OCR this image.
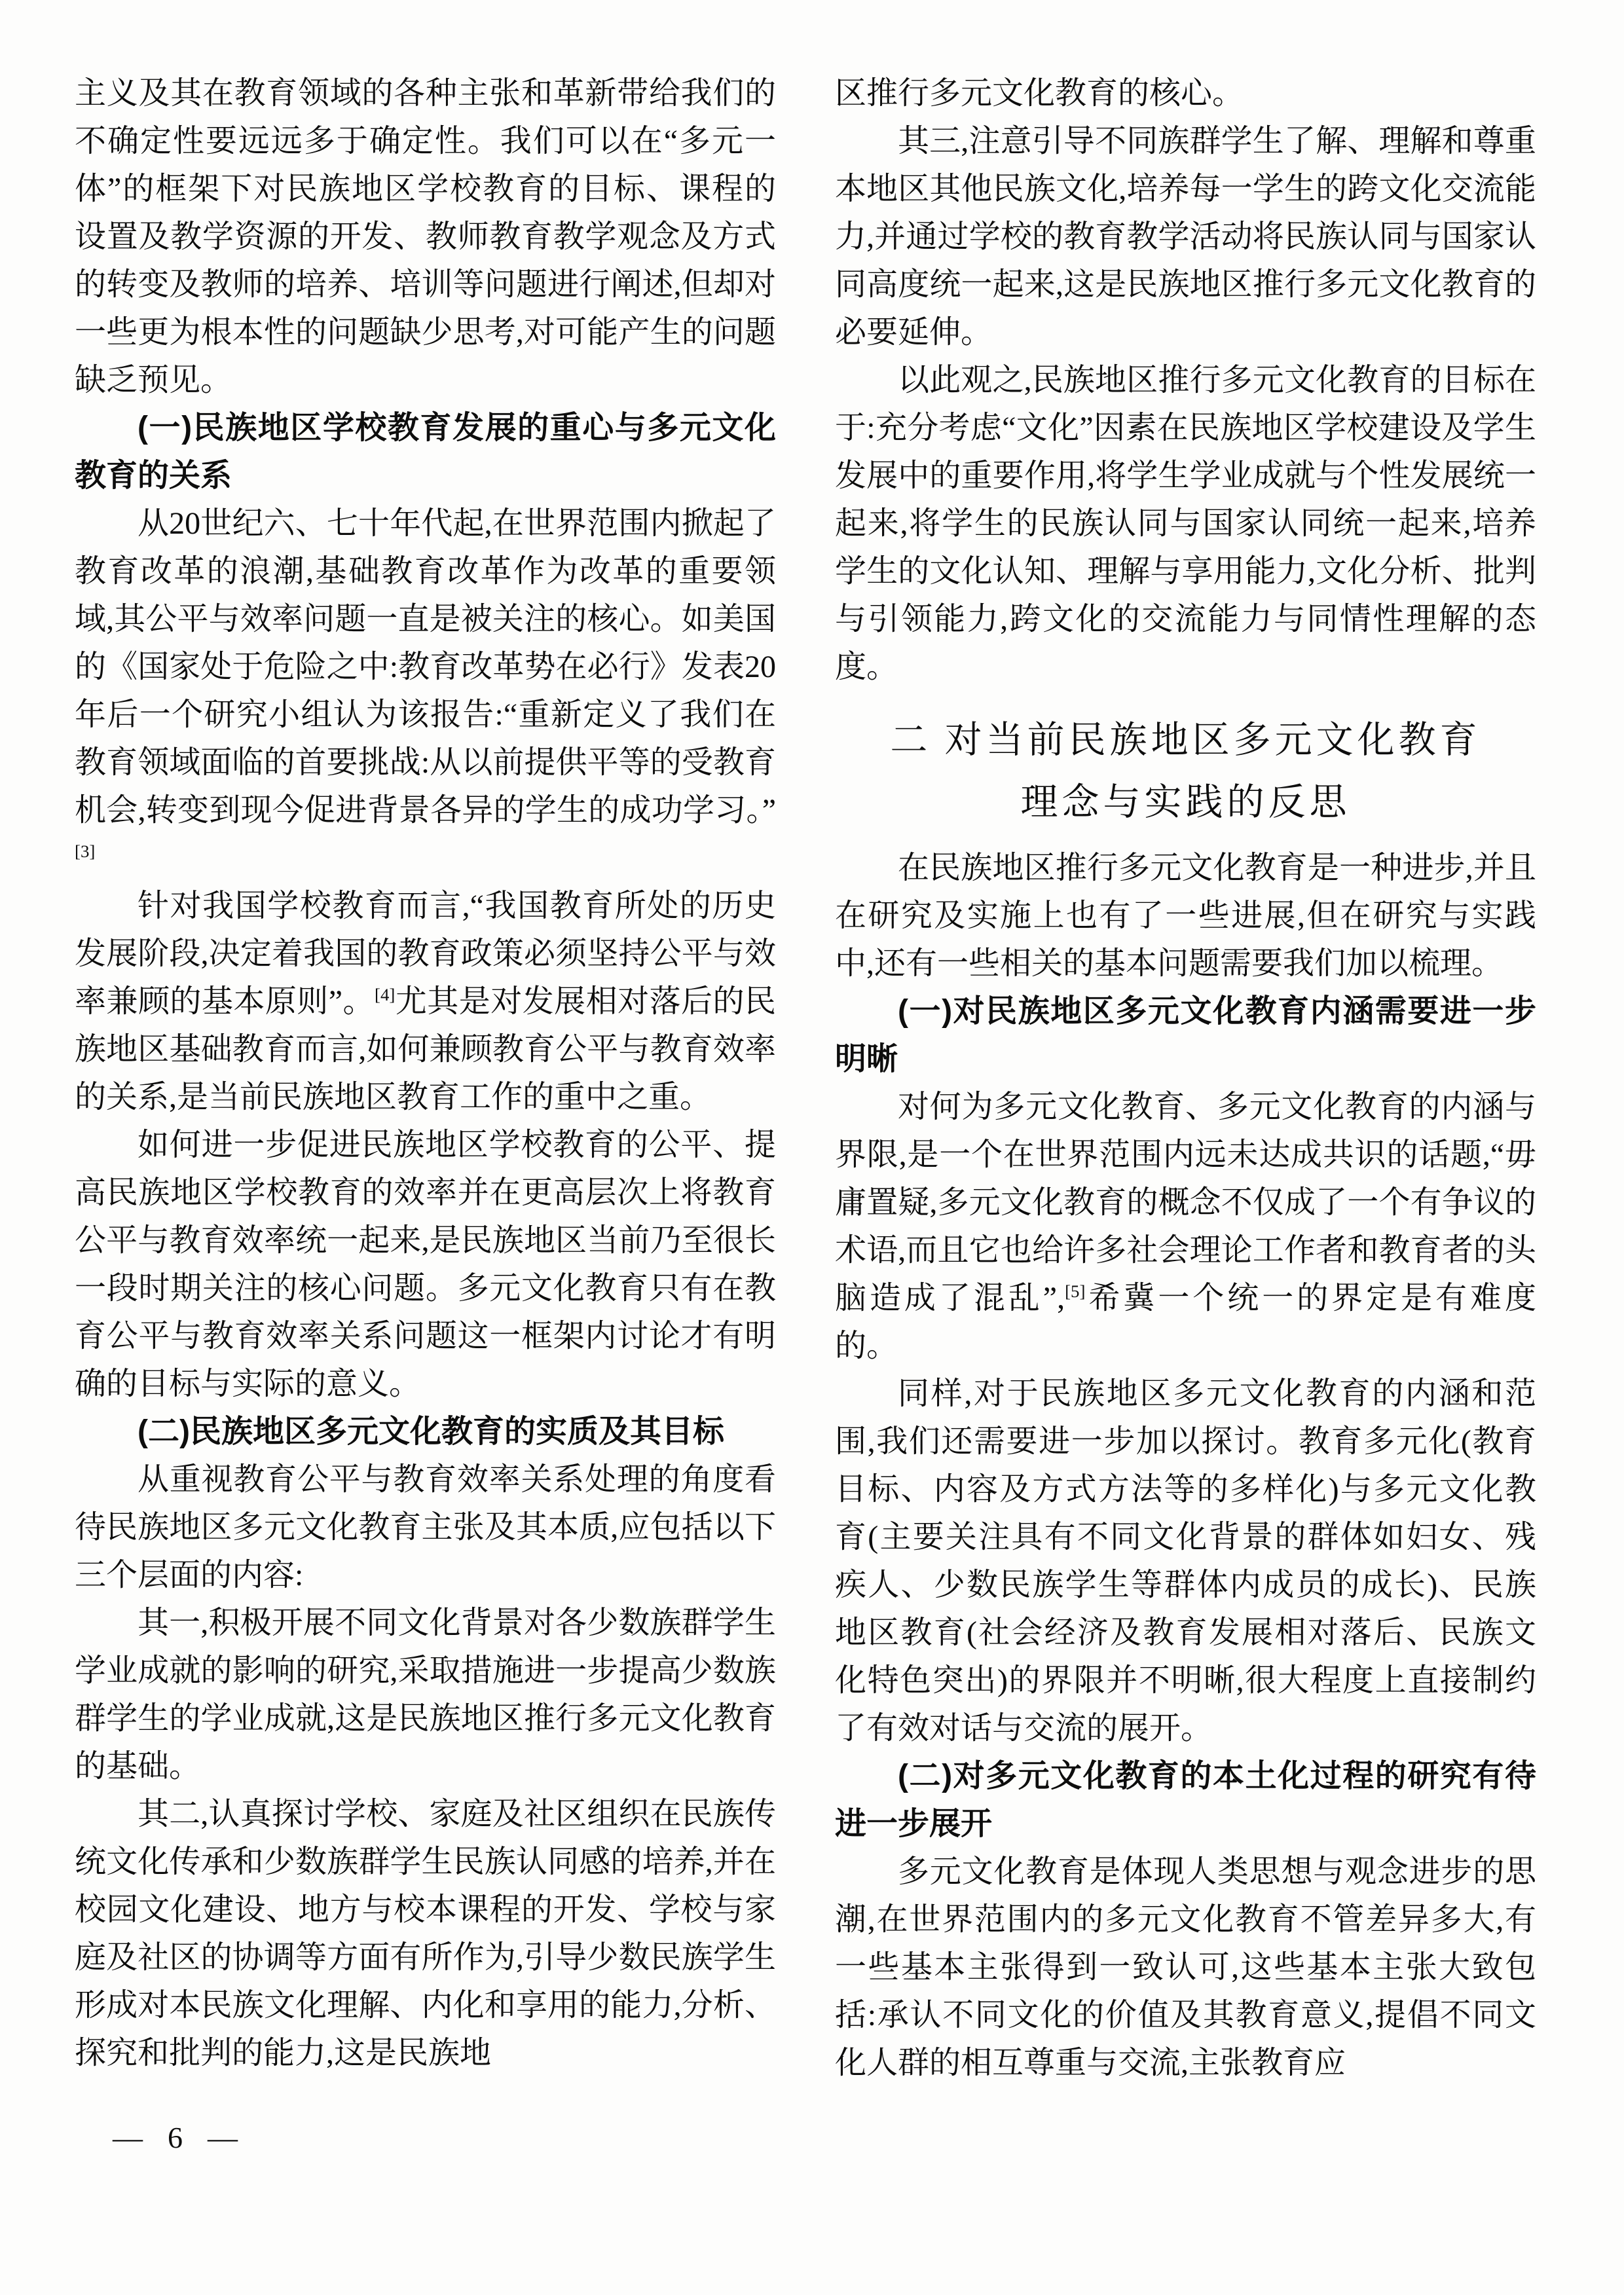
主义及其在教育领域的各种主张和革新带给我们的不确定性要远远多于确定性。我们可以在“多元一体”的框架下对民族地区学校教育的目标、课程的设置及教学资源的开发、教师教育教学观念及方式的转变及教师的培养、培训等问题进行阐述,但却对一些更为根本性的问题缺少思考,对可能产生的问题缺乏预见。

(一)民族地区学校教育发展的重心与多元文化教育的关系

从20世纪六、七十年代起,在世界范围内掀起了教育改革的浪潮,基础教育改革作为改革的重要领域,其公平与效率问题一直是被关注的核心。如美国的《国家处于危险之中:教育改革势在必行》发表20年后一个研究小组认为该报告:“重新定义了我们在教育领域面临的首要挑战:从以前提供平等的受教育机会,转变到现今促进背景各异的学生的成功学习。”[3]

针对我国学校教育而言,“我国教育所处的历史发展阶段,决定着我国的教育政策必须坚持公平与效率兼顾的基本原则”。[4]尤其是对发展相对落后的民族地区基础教育而言,如何兼顾教育公平与教育效率的关系,是当前民族地区教育工作的重中之重。

如何进一步促进民族地区学校教育的公平、提高民族地区学校教育的效率并在更高层次上将教育公平与教育效率统一起来,是民族地区当前乃至很长一段时期关注的核心问题。多元文化教育只有在教育公平与教育效率关系问题这一框架内讨论才有明确的目标与实际的意义。

(二)民族地区多元文化教育的实质及其目标

从重视教育公平与教育效率关系处理的角度看待民族地区多元文化教育主张及其本质,应包括以下三个层面的内容:

其一,积极开展不同文化背景对各少数族群学生学业成就的影响的研究,采取措施进一步提高少数族群学生的学业成就,这是民族地区推行多元文化教育的基础。

其二,认真探讨学校、家庭及社区组织在民族传统文化传承和少数族群学生民族认同感的培养,并在校园文化建设、地方与校本课程的开发、学校与家庭及社区的协调等方面有所作为,引导少数民族学生形成对本民族文化理解、内化和享用的能力,分析、探究和批判的能力,这是民族地

区推行多元文化教育的核心。

其三,注意引导不同族群学生了解、理解和尊重本地区其他民族文化,培养每一学生的跨文化交流能力,并通过学校的教育教学活动将民族认同与国家认同高度统一起来,这是民族地区推行多元文化教育的必要延伸。

以此观之,民族地区推行多元文化教育的目标在于:充分考虑“文化”因素在民族地区学校建设及学生发展中的重要作用,将学生学业成就与个性发展统一起来,将学生的民族认同与国家认同统一起来,培养学生的文化认知、理解与享用能力,文化分析、批判与引领能力,跨文化的交流能力与同情性理解的态度。

二 对当前民族地区多元文化教育
理念与实践的反思

在民族地区推行多元文化教育是一种进步,并且在研究及实施上也有了一些进展,但在研究与实践中,还有一些相关的基本问题需要我们加以梳理。

(一)对民族地区多元文化教育内涵需要进一步明晰

对何为多元文化教育、多元文化教育的内涵与界限,是一个在世界范围内远未达成共识的话题,“毋庸置疑,多元文化教育的概念不仅成了一个有争议的术语,而且它也给许多社会理论工作者和教育者的头脑造成了混乱”,[5]希冀一个统一的界定是有难度的。

同样,对于民族地区多元文化教育的内涵和范围,我们还需要进一步加以探讨。教育多元化(教育目标、内容及方式方法等的多样化)与多元文化教育(主要关注具有不同文化背景的群体如妇女、残疾人、少数民族学生等群体内成员的成长)、民族地区教育(社会经济及教育发展相对落后、民族文化特色突出)的界限并不明晰,很大程度上直接制约了有效对话与交流的展开。

(二)对多元文化教育的本土化过程的研究有待进一步展开

多元文化教育是体现人类思想与观念进步的思潮,在世界范围内的多元文化教育不管差异多大,有一些基本主张得到一致认可,这些基本主张大致包括:承认不同文化的价值及其教育意义,提倡不同文化人群的相互尊重与交流,主张教育应

— 6 —
